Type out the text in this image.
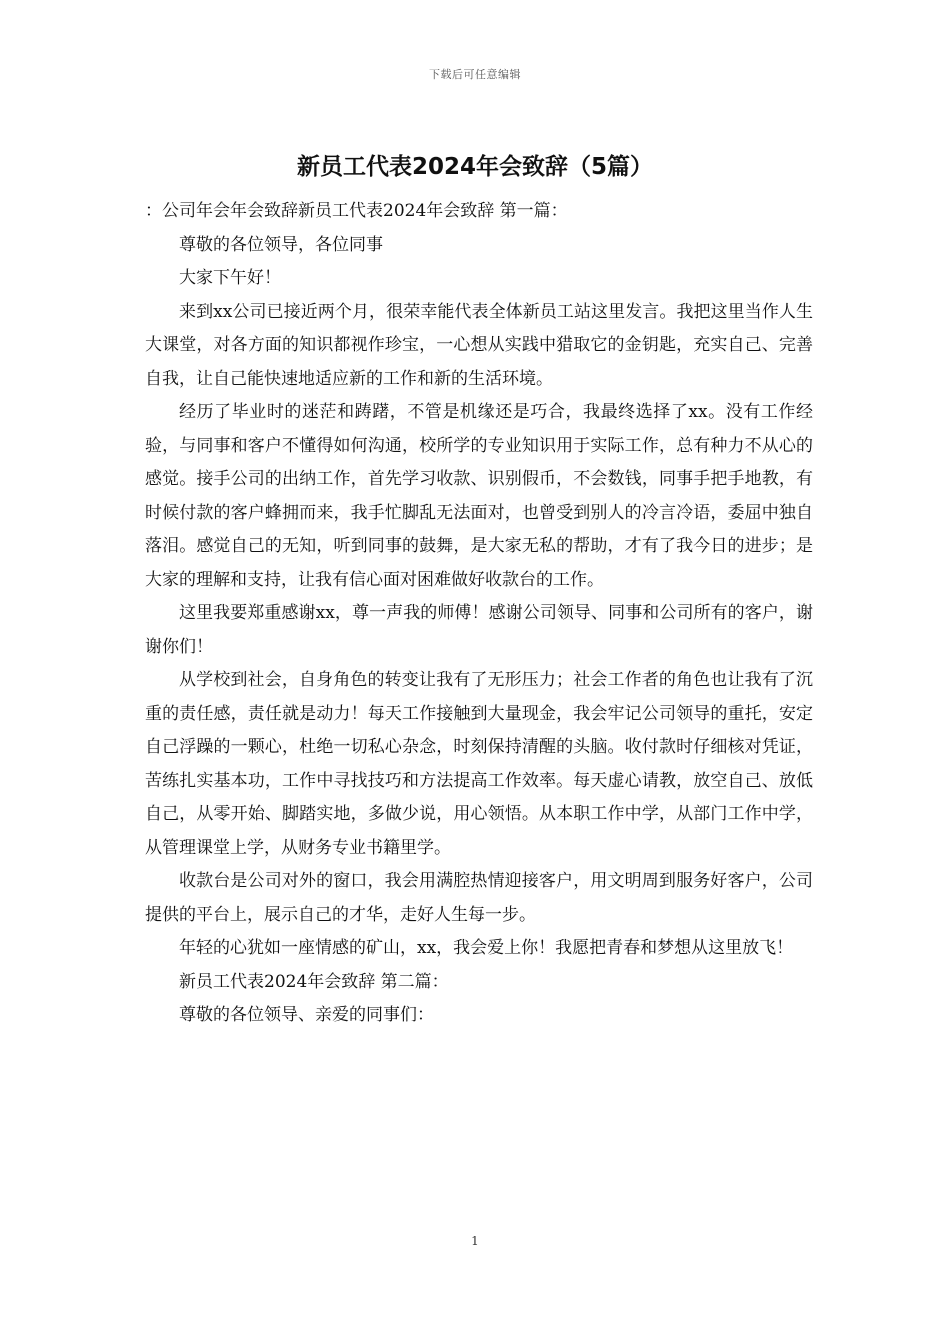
下载后可任意编辑
新员工代表2024年会致辞（5篇）

：公司年会年会致辞新员工代表2024年会致辞 第一篇：

尊敬的各位领导，各位同事

大家下午好！

来到xx公司已接近两个月，很荣幸能代表全体新员工站这里发言。我把这里当作人生大课堂，对各方面的知识都视作珍宝，一心想从实践中猎取它的金钥匙，充实自己、完善自我，让自己能快速地适应新的工作和新的生活环境。

经历了毕业时的迷茫和踌躇，不管是机缘还是巧合，我最终选择了xx。没有工作经验，与同事和客户不懂得如何沟通，校所学的专业知识用于实际工作，总有种力不从心的感觉。接手公司的出纳工作，首先学习收款、识别假币，不会数钱，同事手把手地教，有时候付款的客户蜂拥而来，我手忙脚乱无法面对，也曾受到别人的冷言冷语，委屈中独自落泪。感觉自己的无知，听到同事的鼓舞，是大家无私的帮助，才有了我今日的进步；是大家的理解和支持，让我有信心面对困难做好收款台的工作。

这里我要郑重感谢xx，尊一声我的师傅！感谢公司领导、同事和公司所有的客户，谢谢你们！

从学校到社会，自身角色的转变让我有了无形压力；社会工作者的角色也让我有了沉重的责任感，责任就是动力！每天工作接触到大量现金，我会牢记公司领导的重托，安定自己浮躁的一颗心，杜绝一切私心杂念，时刻保持清醒的头脑。收付款时仔细核对凭证，苦练扎实基本功，工作中寻找技巧和方法提高工作效率。每天虚心请教，放空自己、放低自己，从零开始、脚踏实地，多做少说，用心领悟。从本职工作中学，从部门工作中学，从管理课堂上学，从财务专业书籍里学。

收款台是公司对外的窗口，我会用满腔热情迎接客户，用文明周到服务好客户，公司提供的平台上，展示自己的才华，走好人生每一步。

年轻的心犹如一座情感的矿山，xx，我会爱上你！我愿把青春和梦想从这里放飞！

新员工代表2024年会致辞 第二篇：

尊敬的各位领导、亲爱的同事们：

1
